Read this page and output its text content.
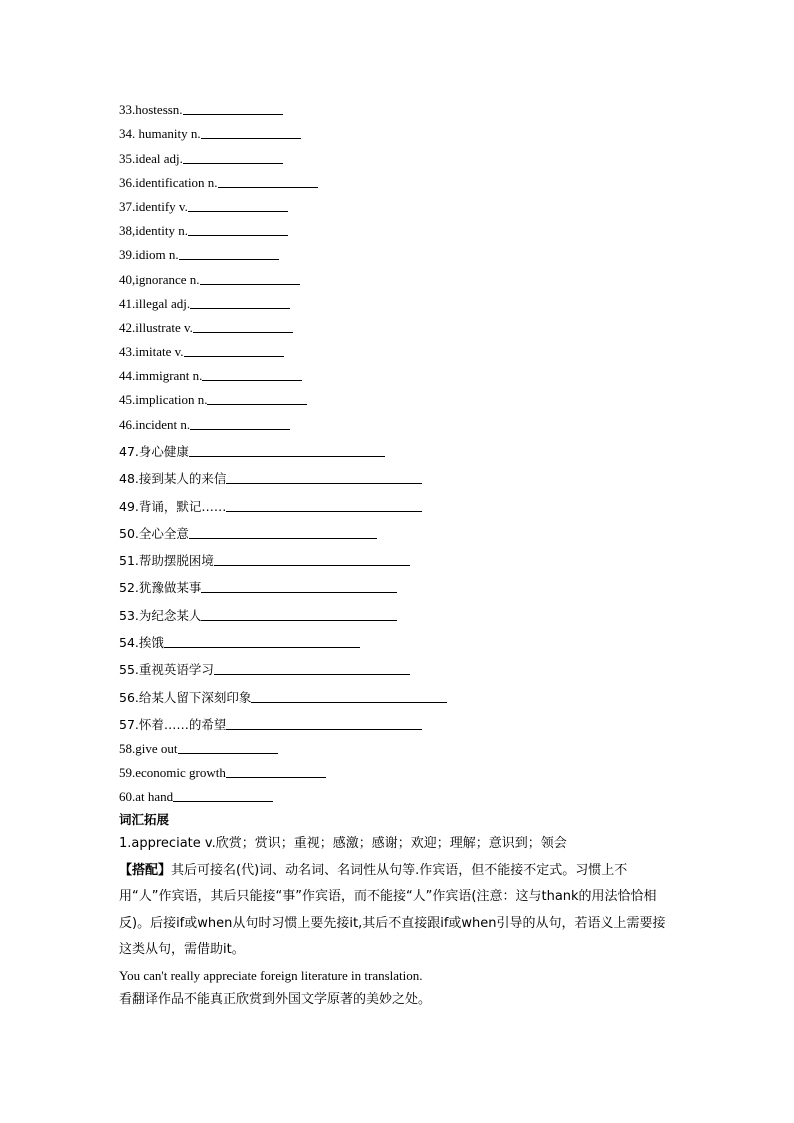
33.hostessn.
34. humanity n.
35.ideal adj.
36.identification n.
37.identify v.
38,identity n.
39.idiom n.
40,ignorance n.
41.illegal adj.
42.illustrate v.
43.imitate v.
44.immigrant n.
45.implication n.
46.incident n.
47.身心健康
48.接到某人的来信
49.背诵，默记……
50.全心全意
51.帮助摆脱困境
52.犹豫做某事
53.为纪念某人
54.挨饿
55.重视英语学习
56.给某人留下深刻印象
57.怀着……的希望
58.give out
59.economic growth
60.at hand
词汇拓展
1.appreciate v.欣赏；赏识；重视；感激；感谢；欢迎；理解；意识到；领会
【搭配】其后可接名(代)词、动名词、名词性从句等.作宾语，但不能接不定式。习惯上不用“人”作宾语，其后只能接“事”作宾语，而不能接“人”作宾语(注意：这与thank的用法恰恰相反)。后接if或when从句时习惯上要先接it,其后不直接跟if或when引导的从句，若语义上需要接这类从句，需借助it。
You can't really appreciate foreign literature in translation.
看翻译作品不能真正欣赏到外国文学原著的美妙之处。
